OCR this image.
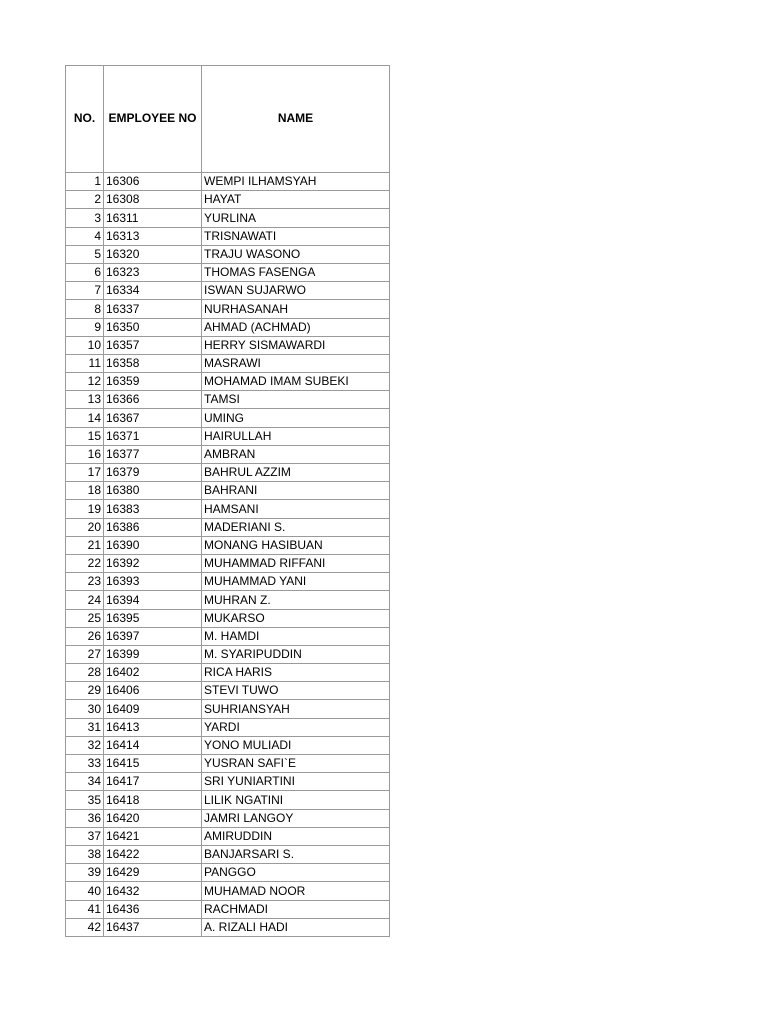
NO.	EMPLOYEE NO	NAME
1	16306	WEMPI ILHAMSYAH
2	16308	HAYAT
3	16311	YURLINA
4	16313	TRISNAWATI
5	16320	TRAJU WASONO
6	16323	THOMAS FASENGA
7	16334	ISWAN SUJARWO
8	16337	NURHASANAH
9	16350	AHMAD (ACHMAD)
10	16357	HERRY SISMAWARDI
11	16358	MASRAWI
12	16359	MOHAMAD IMAM SUBEKI
13	16366	TAMSI
14	16367	UMING
15	16371	HAIRULLAH
16	16377	AMBRAN
17	16379	BAHRUL AZZIM
18	16380	BAHRANI
19	16383	HAMSANI
20	16386	MADERIANI S.
21	16390	MONANG HASIBUAN
22	16392	MUHAMMAD RIFFANI
23	16393	MUHAMMAD YANI
24	16394	MUHRAN Z.
25	16395	MUKARSO
26	16397	M. HAMDI
27	16399	M. SYARIPUDDIN
28	16402	RICA HARIS
29	16406	STEVI TUWO
30	16409	SUHRIANSYAH
31	16413	YARDI
32	16414	YONO MULIADI
33	16415	YUSRAN SAFI`E
34	16417	SRI YUNIARTINI
35	16418	LILIK NGATINI
36	16420	JAMRI LANGOY
37	16421	AMIRUDDIN
38	16422	BANJARSARI S.
39	16429	PANGGO
40	16432	MUHAMAD NOOR
41	16436	RACHMADI
42	16437	A. RIZALI HADI
